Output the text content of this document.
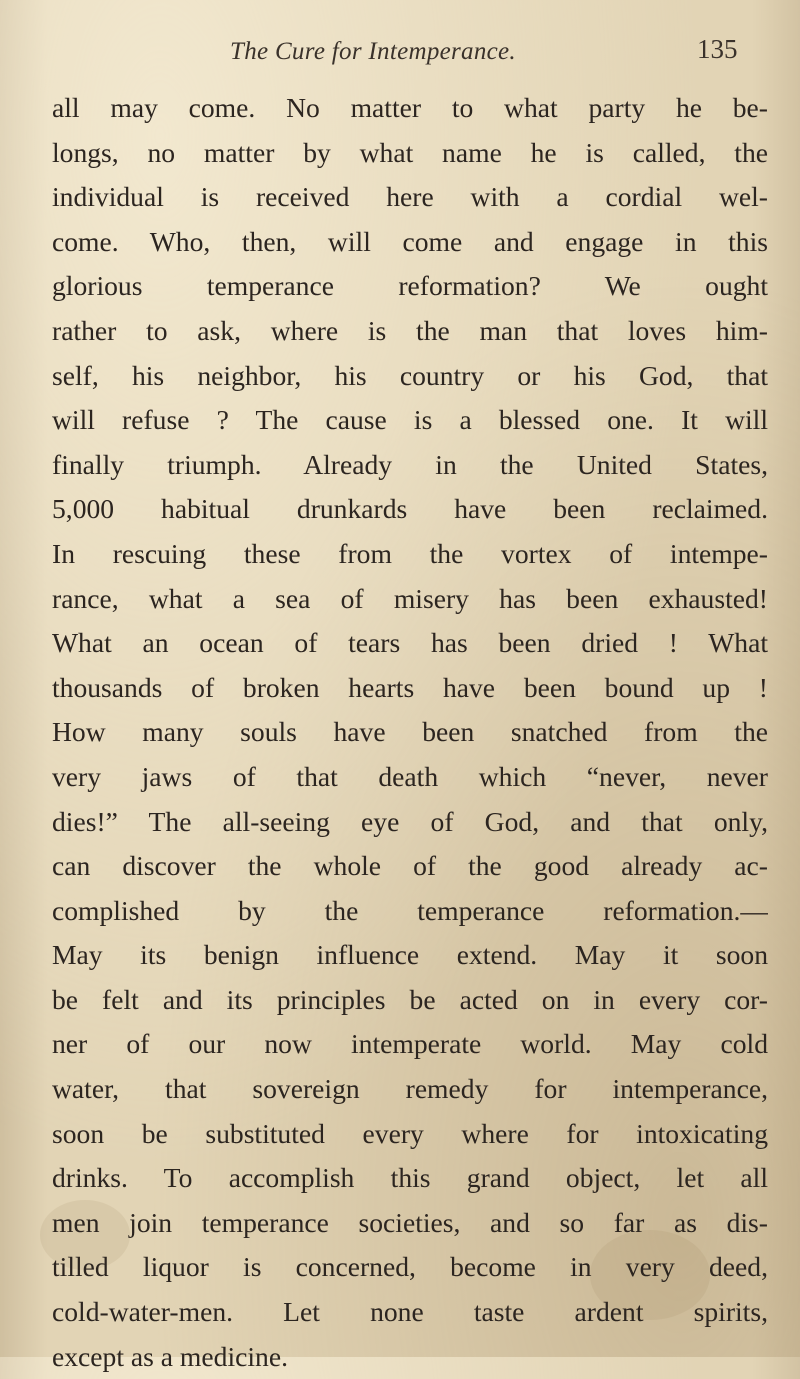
The Cure for Intemperance.	135
all may come. No matter to what party he be-
longs, no matter by what name he is called, the
individual is received here with a cordial wel-
come. Who, then, will come and engage in this
glorious temperance reformation? We ought
rather to ask, where is the man that loves him-
self, his neighbor, his country or his God, that
will refuse ? The cause is a blessed one. It will
finally triumph. Already in the United States,
5,000 habitual drunkards have been reclaimed.
In rescuing these from the vortex of intempe-
rance, what a sea of misery has been exhausted!
What an ocean of tears has been dried ! What
thousands of broken hearts have been bound up !
How many souls have been snatched from the
very jaws of that death which “never, never
dies!” The all-seeing eye of God, and that only,
can discover the whole of the good already ac-
complished by the temperance reformation.—
May its benign influence extend. May it soon
be felt and its principles be acted on in every cor-
ner of our now intemperate world. May cold
water, that sovereign remedy for intemperance,
soon be substituted every where for intoxicating
drinks. To accomplish this grand object, let all
men join temperance societies, and so far as dis-
tilled liquor is concerned, become in very deed,
cold-water-men. Let none taste ardent spirits,
except as a medicine.
